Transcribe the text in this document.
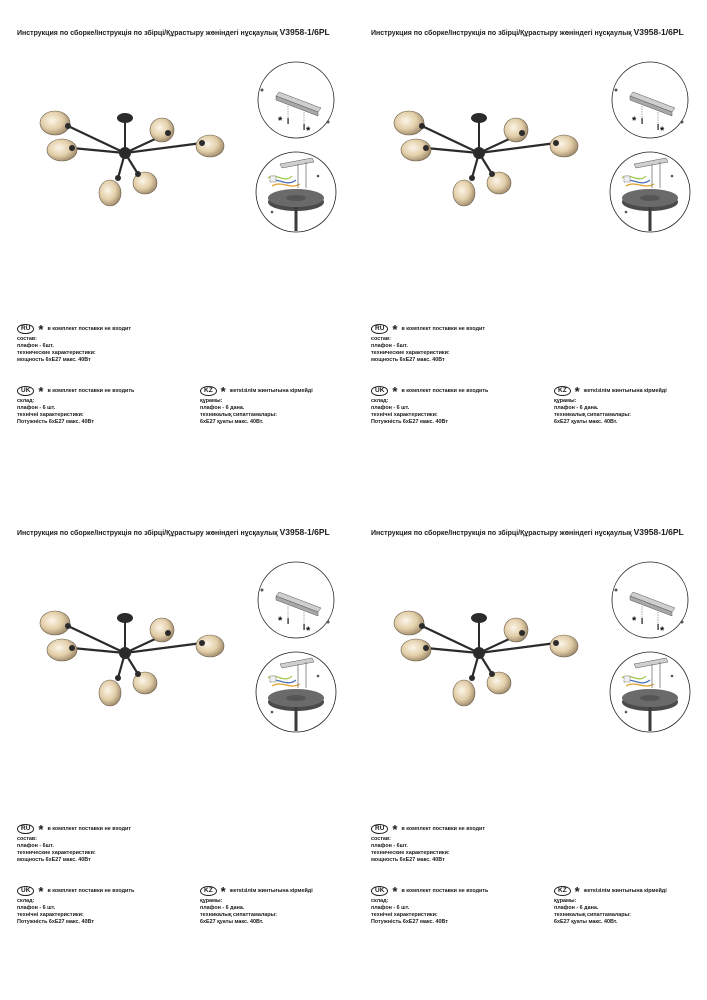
Инструкция по сборке/Інструкція по збірці/Құрастыру жөніндегі нұсқаулық V3958-1/6PL
*
*
RU * в комплект поставки не входит
состав:
плафон - 6шт.
технические характеристики:
мощность 6хЕ27 макс. 40Вт
UK * в комплект поставки не входить
склад:
плафон - 6 шт.
технічні характеристики:
Потужність 6хЕ27 макс. 40Вт
KZ * жеткізілім жинтығына кірмейді
құрамы:
плафон - 6 дана.
техникалық сипаттамалары:
6хЕ27 қуаты макс. 40Вт.
Инструкция по сборке/Інструкція по збірці/Құрастыру жөніндегі нұсқаулық V3958-1/6PL
*
*
RU * в комплект поставки не входит
состав:
плафон - 6шт.
технические характеристики:
мощность 6хЕ27 макс. 40Вт
UK * в комплект поставки не входить
склад:
плафон - 6 шт.
технічні характеристики:
Потужність 6хЕ27 макс. 40Вт
KZ * жеткізілім жинтығына кірмейді
құрамы:
плафон - 6 дана.
техникалық сипаттамалары:
6хЕ27 қуаты макс. 40Вт.
Инструкция по сборке/Інструкція по збірці/Құрастыру жөніндегі нұсқаулық V3958-1/6PL
*
*
RU * в комплект поставки не входит
состав:
плафон - 6шт.
технические характеристики:
мощность 6хЕ27 макс. 40Вт
UK * в комплект поставки не входить
склад:
плафон - 6 шт.
технічні характеристики:
Потужність 6хЕ27 макс. 40Вт
KZ * жеткізілім жинтығына кірмейді
құрамы:
плафон - 6 дана.
техникалық сипаттамалары:
6хЕ27 қуаты макс. 40Вт.
Инструкция по сборке/Інструкція по збірці/Құрастыру жөніндегі нұсқаулық V3958-1/6PL
*
*
RU * в комплект поставки не входит
состав:
плафон - 6шт.
технические характеристики:
мощность 6хЕ27 макс. 40Вт
UK * в комплект поставки не входить
склад:
плафон - 6 шт.
технічні характеристики:
Потужність 6хЕ27 макс. 40Вт
KZ * жеткізілім жинтығына кірмейді
құрамы:
плафон - 6 дана.
техникалық сипаттамалары:
6хЕ27 қуаты макс. 40Вт.
